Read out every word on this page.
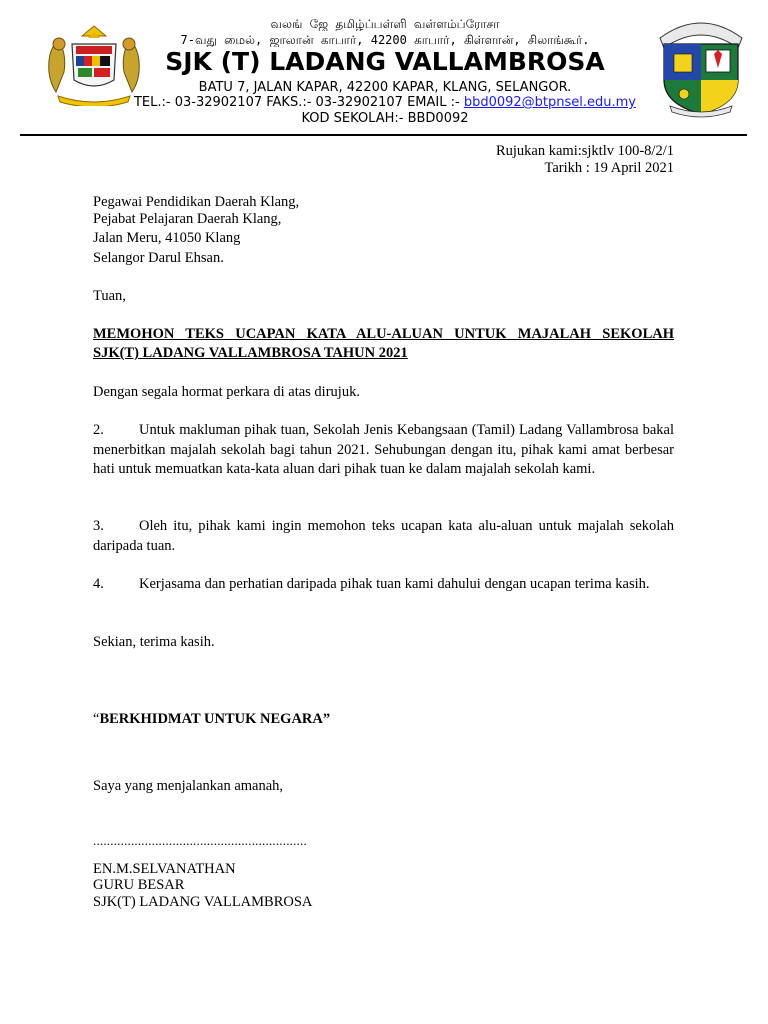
வலங் ஜே தமிழ்ப்பள்ளி வள்ளம்ப்ரோசா
7-வது மைல், ஜாலான் காபார், 42200 காபார், கிள்ளான், சிலாங்கூர்.
SJK (T) LADANG VALLAMBROSA
BATU 7, JALAN KAPAR, 42200 KAPAR, KLANG, SELANGOR.
TEL.:- 03-32902107 FAKS.:- 03-32902107 EMAIL :- bbd0092@btpnsel.edu.my
KOD SEKOLAH:- BBD0092
Rujukan kami:sjktlv 100-8/2/1
Tarikh : 19 April 2021
Pegawai Pendidikan Daerah Klang,
Pejabat Pelajaran Daerah Klang,
Jalan Meru, 41050 Klang
Selangor Darul Ehsan.
Tuan,
MEMOHON TEKS UCAPAN KATA ALU-ALUAN UNTUK MAJALAH SEKOLAH
SJK(T) LADANG VALLAMBROSA TAHUN 2021

Dengan segala hormat perkara di atas dirujuk.

2. Untuk makluman pihak tuan, Sekolah Jenis Kebangsaan (Tamil) Ladang Vallambrosa bakal menerbitkan majalah sekolah bagi tahun 2021. Sehubungan dengan itu, pihak kami amat berbesar hati untuk memuatkan kata-kata aluan dari pihak tuan ke dalam majalah sekolah kami.

3. Oleh itu, pihak kami ingin memohon teks ucapan kata alu-aluan untuk majalah sekolah daripada tuan.

4. Kerjasama dan perhatian daripada pihak tuan kami dahului dengan ucapan terima kasih.

Sekian, terima kasih.

“BERKHIDMAT UNTUK NEGARA”
Saya yang menjalankan amanah,
..............................................................
EN.M.SELVANATHAN
GURU BESAR
SJK(T) LADANG VALLAMBROSA
